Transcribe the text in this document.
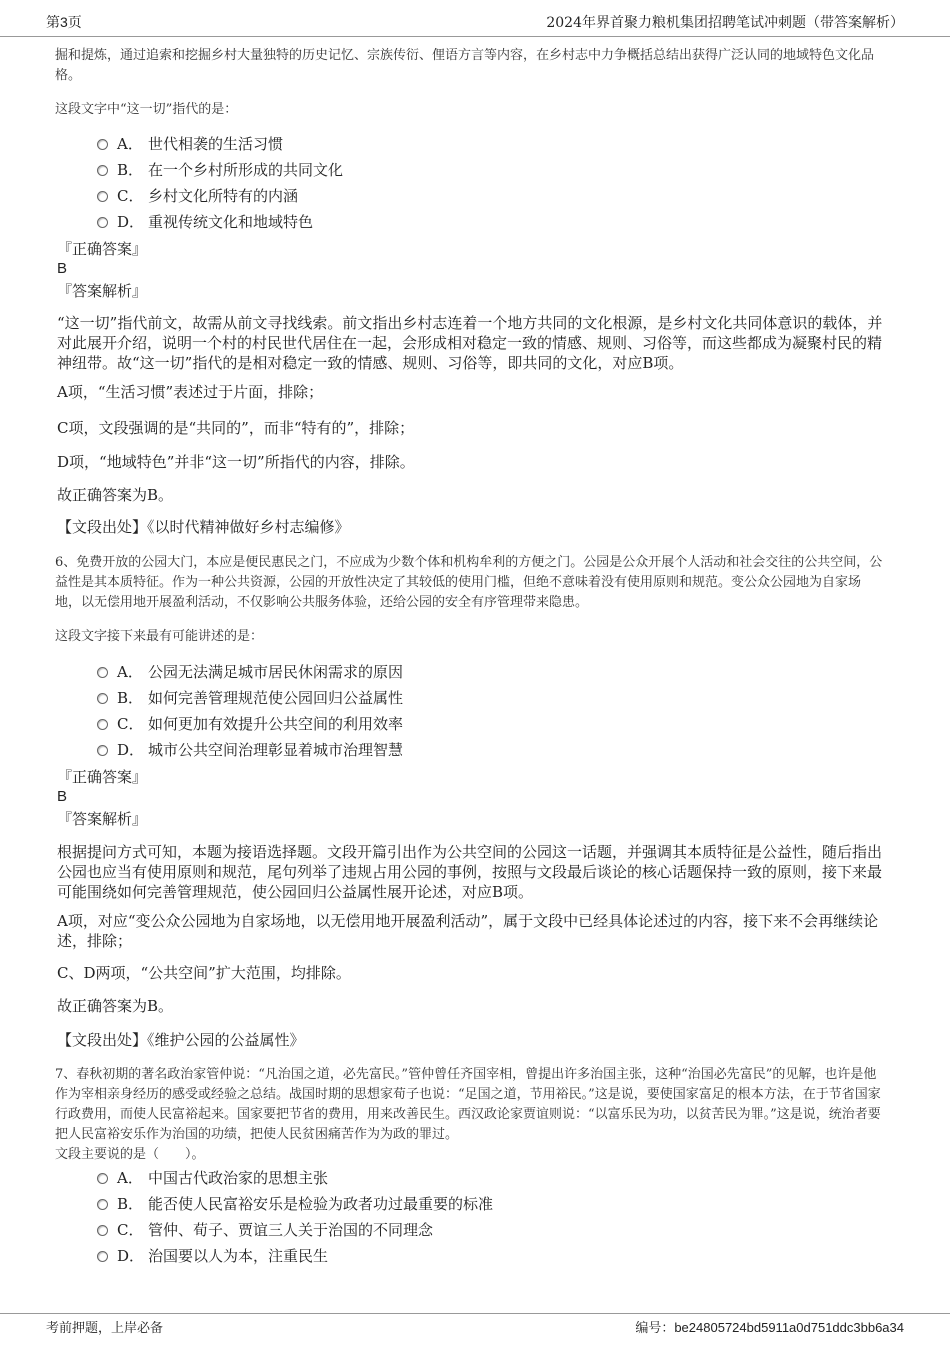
第3页	2024年界首聚力粮机集团招聘笔试冲刺题（带答案解析）
掘和提炼，通过追索和挖掘乡村大量独特的历史记忆、宗族传衍、俚语方言等内容，在乡村志中力争概括总结出获得广泛认同的地域特色文化品格。
这段文字中“这一切”指代的是：
A． 世代相袭的生活习惯
B． 在一个乡村所形成的共同文化
C． 乡村文化所特有的内涵
D． 重视传统文化和地域特色
『正确答案』
B
『答案解析』
“这一切”指代前文，故需从前文寻找线索。前文指出乡村志连着一个地方共同的文化根源，是乡村文化共同体意识的载体，并对此展开介绍，说明一个村的村民世代居住在一起，会形成相对稳定一致的情感、规则、习俗等，而这些都成为凝聚村民的精神纽带。故“这一切”指代的是相对稳定一致的情感、规则、习俗等，即共同的文化，对应B项。
A项，“生活习惯”表述过于片面，排除；
C项，文段强调的是“共同的”，而非“特有的”，排除；
D项，“地域特色”并非“这一切”所指代的内容，排除。
故正确答案为B。
【文段出处】《以时代精神做好乡村志编修》
6、免费开放的公园大门，本应是便民惠民之门，不应成为少数个体和机构牟利的方便之门。公园是公众开展个人活动和社会交往的公共空间，公益性是其本质特征。作为一种公共资源，公园的开放性决定了其较低的使用门槛，但绝不意味着没有使用原则和规范。变公众公园地为自家场地，以无偿用地开展盈利活动，不仅影响公共服务体验，还给公园的安全有序管理带来隐患。
这段文字接下来最有可能讲述的是：
A． 公园无法满足城市居民休闲需求的原因
B． 如何完善管理规范使公园回归公益属性
C． 如何更加有效提升公共空间的利用效率
D． 城市公共空间治理彰显着城市治理智慧
『正确答案』
B
『答案解析』
根据提问方式可知，本题为接语选择题。文段开篇引出作为公共空间的公园这一话题，并强调其本质特征是公益性，随后指出公园也应当有使用原则和规范，尾句列举了违规占用公园的事例，按照与文段最后谈论的核心话题保持一致的原则，接下来最可能围绕如何完善管理规范，使公园回归公益属性展开论述，对应B项。
A项，对应“变公众公园地为自家场地，以无偿用地开展盈利活动”，属于文段中已经具体论述过的内容，接下来不会再继续论述，排除；
C、D两项，“公共空间”扩大范围，均排除。
故正确答案为B。
【文段出处】《维护公园的公益属性》
7、春秋初期的著名政治家管仲说：“凡治国之道，必先富民。”管仲曾任齐国宰相，曾提出许多治国主张，这种“治国必先富民”的见解，也许是他作为宰相亲身经历的感受或经验之总结。战国时期的思想家荀子也说：“足国之道，节用裕民。”这是说，要使国家富足的根本方法，在于节省国家行政费用，而使人民富裕起来。国家要把节省的费用，用来改善民生。西汉政论家贾谊则说：“以富乐民为功，以贫苦民为罪。”这是说，统治者要把人民富裕安乐作为治国的功绩，把使人民贫困痛苦作为为政的罪过。
文段主要说的是（　　）。
A． 中国古代政治家的思想主张
B． 能否使人民富裕安乐是检验为政者功过最重要的标准
C． 管仲、荀子、贾谊三人关于治国的不同理念
D． 治国要以人为本，注重民生
考前押题，上岸必备	编号：be24805724bd5911a0d751ddc3bb6a34
